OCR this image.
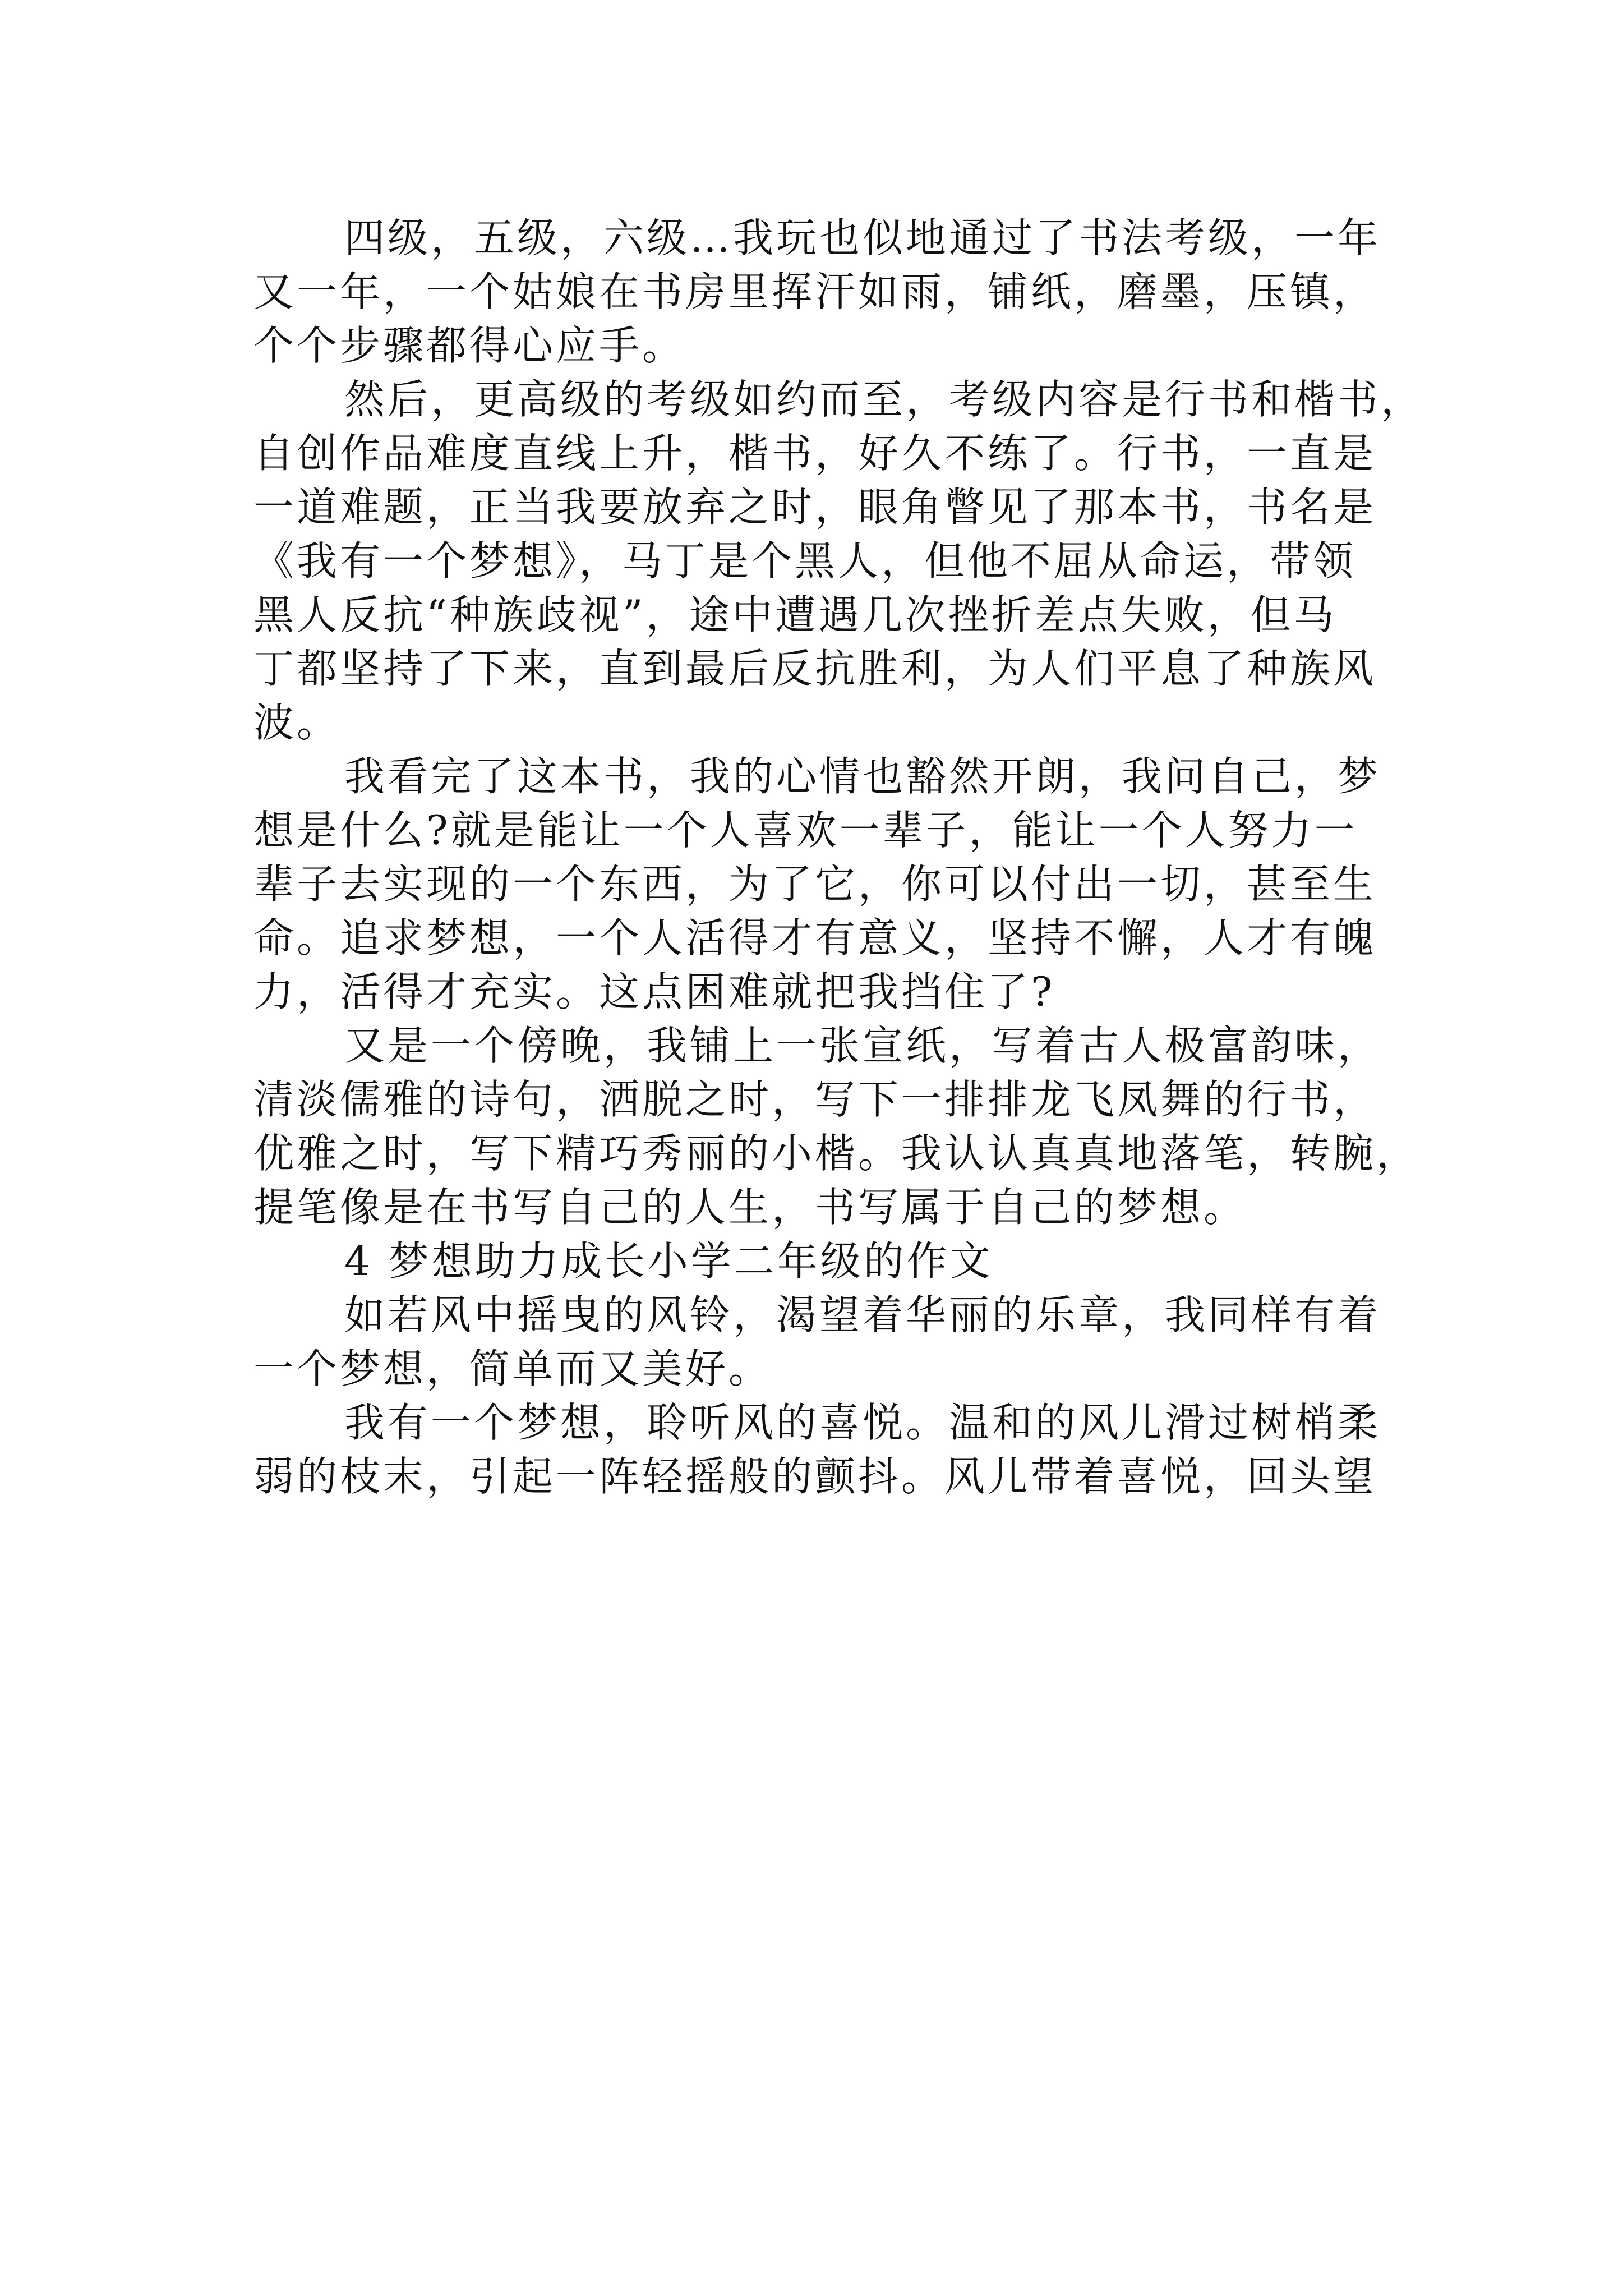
四级，五级，六级…我玩也似地通过了书法考级，一年
又一年，一个姑娘在书房里挥汗如雨，铺纸，磨墨，压镇，
个个步骤都得心应手。
然后，更高级的考级如约而至，考级内容是行书和楷书，
自创作品难度直线上升，楷书，好久不练了。行书，一直是
一道难题，正当我要放弃之时，眼角瞥见了那本书，书名是
《我有一个梦想》，马丁是个黑人，但他不屈从命运，带领
黑人反抗“种族歧视”，途中遭遇几次挫折差点失败，但马
丁都坚持了下来，直到最后反抗胜利，为人们平息了种族风
波。
我看完了这本书，我的心情也豁然开朗，我问自己，梦
想是什么?就是能让一个人喜欢一辈子，能让一个人努力一
辈子去实现的一个东西，为了它，你可以付出一切，甚至生
命。追求梦想，一个人活得才有意义，坚持不懈，人才有魄
力，活得才充实。这点困难就把我挡住了?
又是一个傍晚，我铺上一张宣纸，写着古人极富韵味，
清淡儒雅的诗句，洒脱之时，写下一排排龙飞凤舞的行书，
优雅之时，写下精巧秀丽的小楷。我认认真真地落笔，转腕，
提笔像是在书写自己的人生，书写属于自己的梦想。
4 梦想助力成长小学二年级的作文
如若风中摇曳的风铃，渴望着华丽的乐章，我同样有着
一个梦想，简单而又美好。
我有一个梦想，聆听风的喜悦。温和的风儿滑过树梢柔
弱的枝末，引起一阵轻摇般的颤抖。风儿带着喜悦，回头望
